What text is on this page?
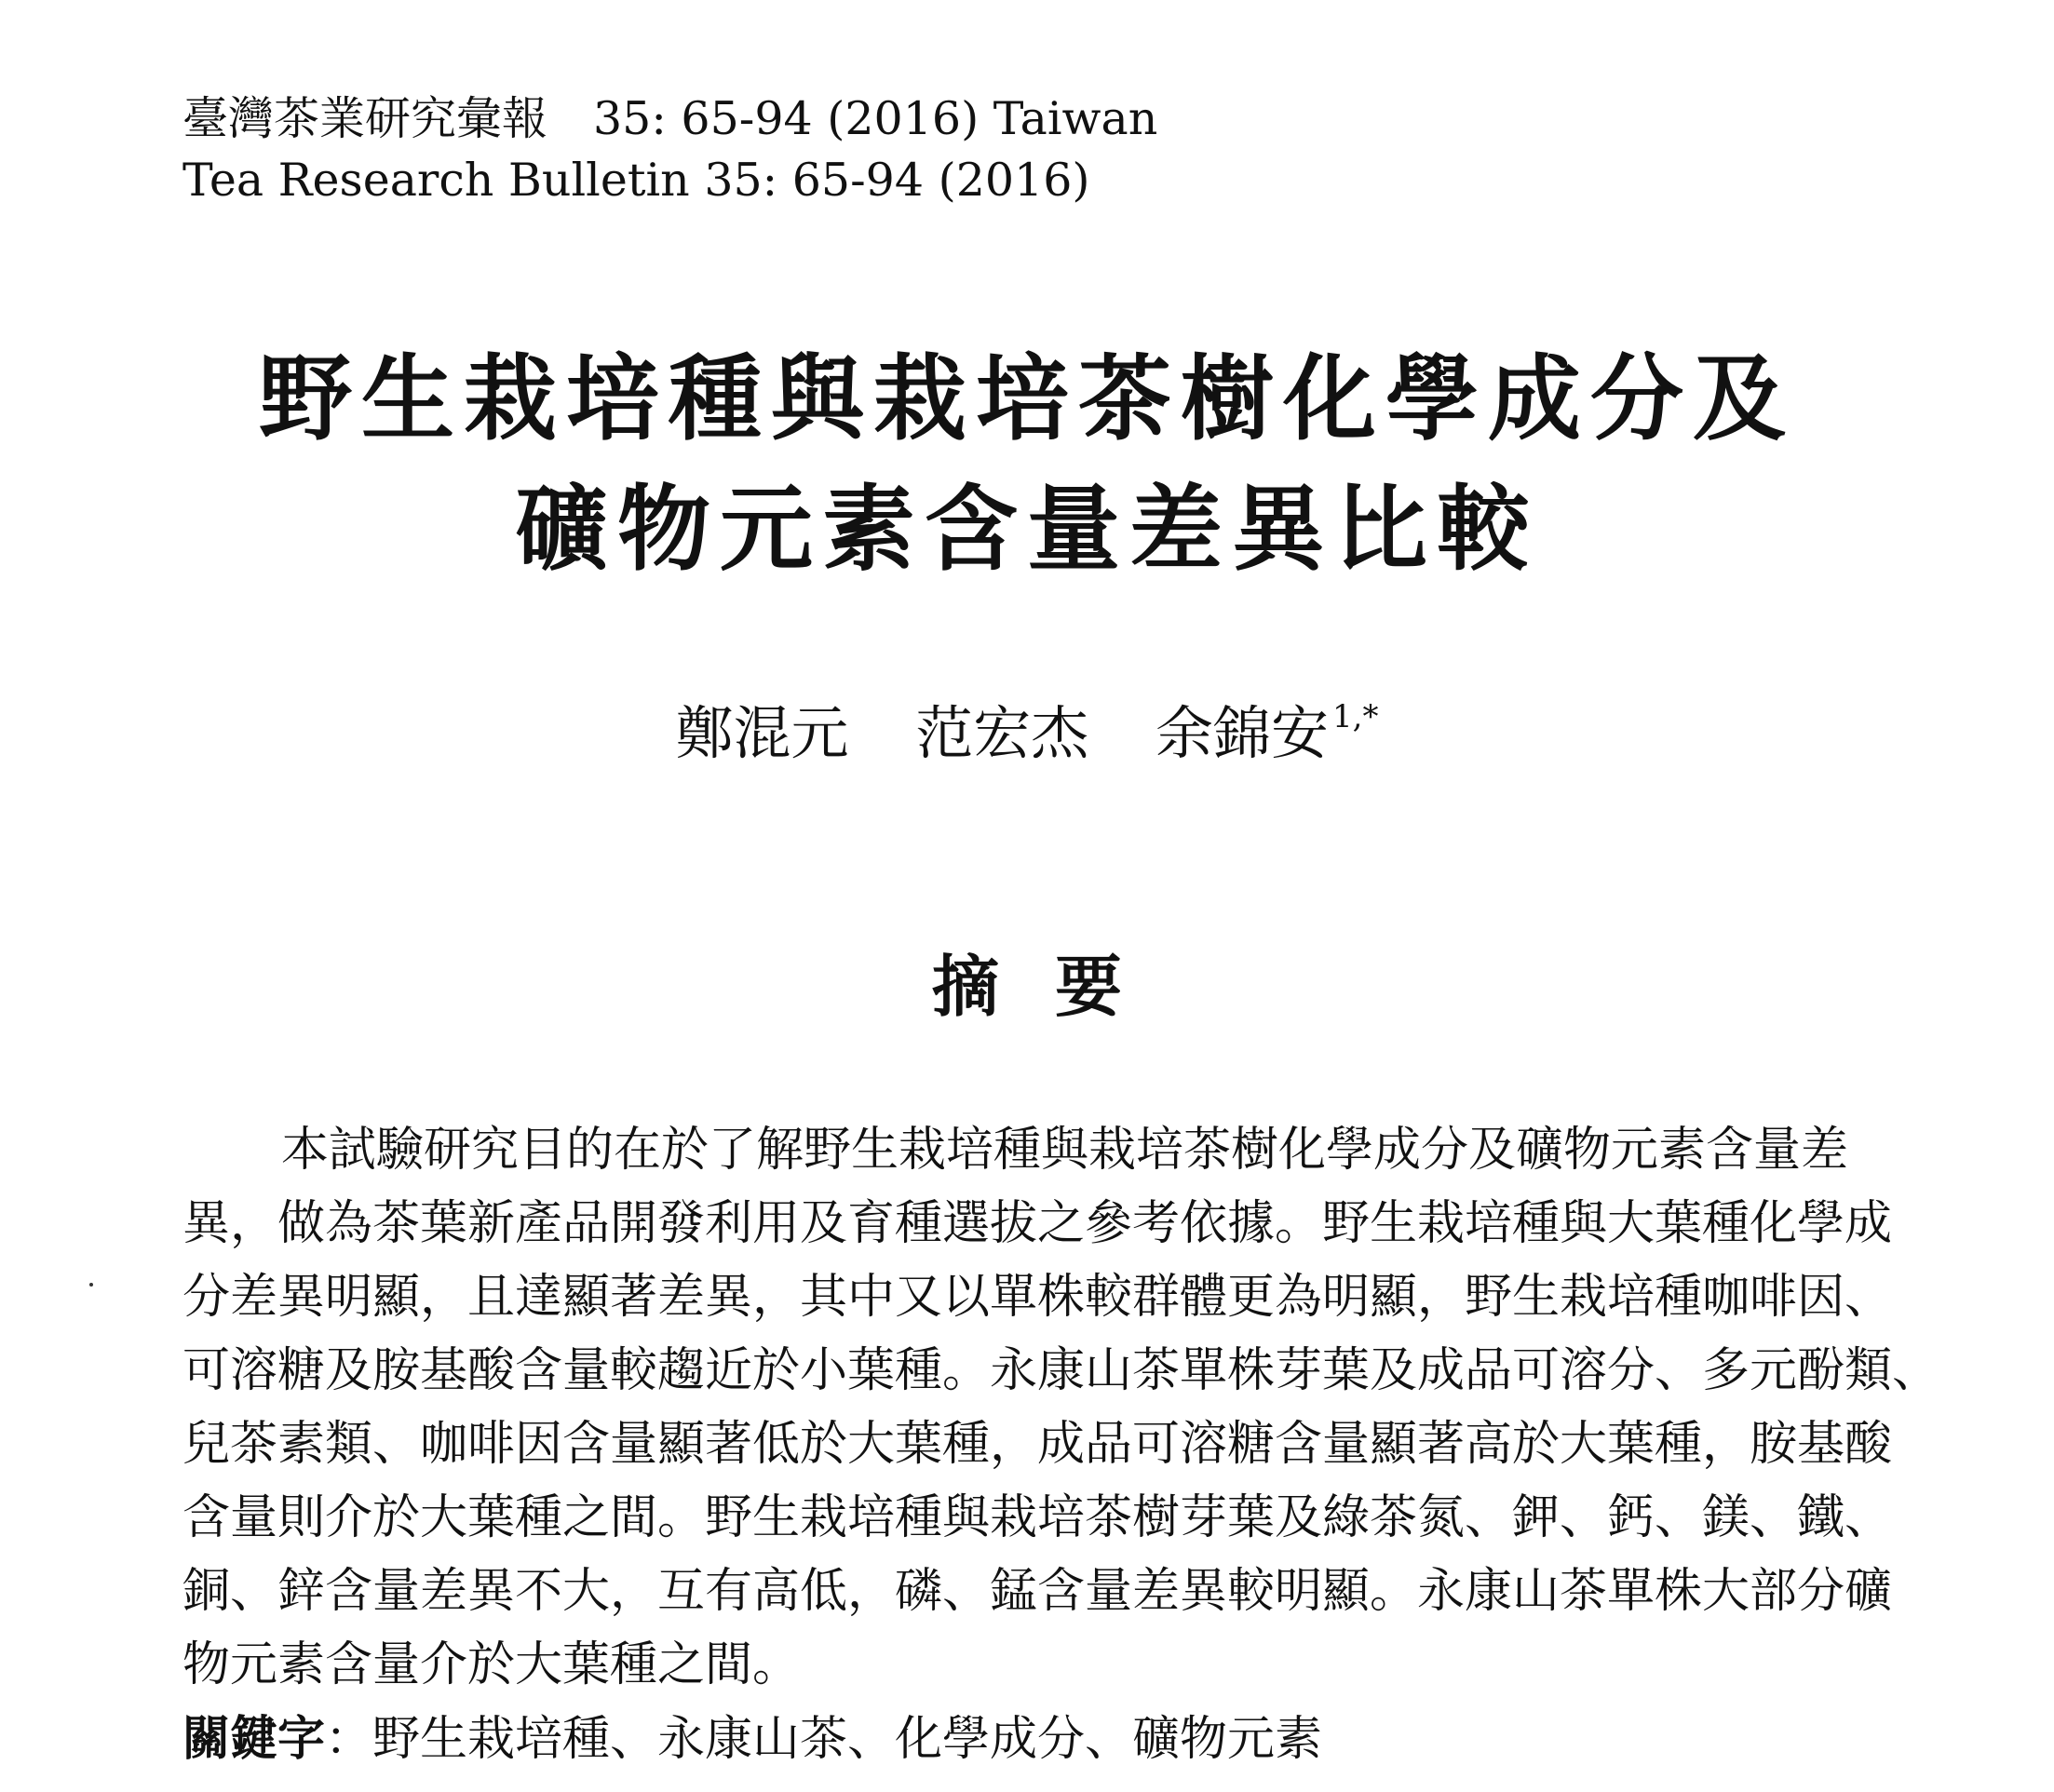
臺灣茶業研究彙報　35: 65-94 (2016) Taiwan
Tea Research Bulletin 35: 65-94 (2016)
野生栽培種與栽培茶樹化學成分及
礦物元素含量差異比較
鄭混元 范宏杰 余錦安 $^{1,*}$
摘要
本試驗研究目的在於了解野生栽培種與栽培茶樹化學成分及礦物元素含量差
異，做為茶葉新產品開發利用及育種選拔之參考依據。野生栽培種與大葉種化學成
分差異明顯，且達顯著差異，其中又以單株較群體更為明顯，野生栽培種咖啡因、
可溶糖及胺基酸含量較趨近於小葉種。永康山茶單株芽葉及成品可溶分、多元酚類、
兒茶素類、咖啡因含量顯著低於大葉種，成品可溶糖含量顯著高於大葉種，胺基酸
含量則介於大葉種之間。野生栽培種與栽培茶樹芽葉及綠茶氮、鉀、鈣、鎂、鐵、
銅、鋅含量差異不大，互有高低，磷、錳含量差異較明顯。永康山茶單株大部分礦
物元素含量介於大葉種之間。
關鍵字：野生栽培種、永康山茶、化學成分、礦物元素
